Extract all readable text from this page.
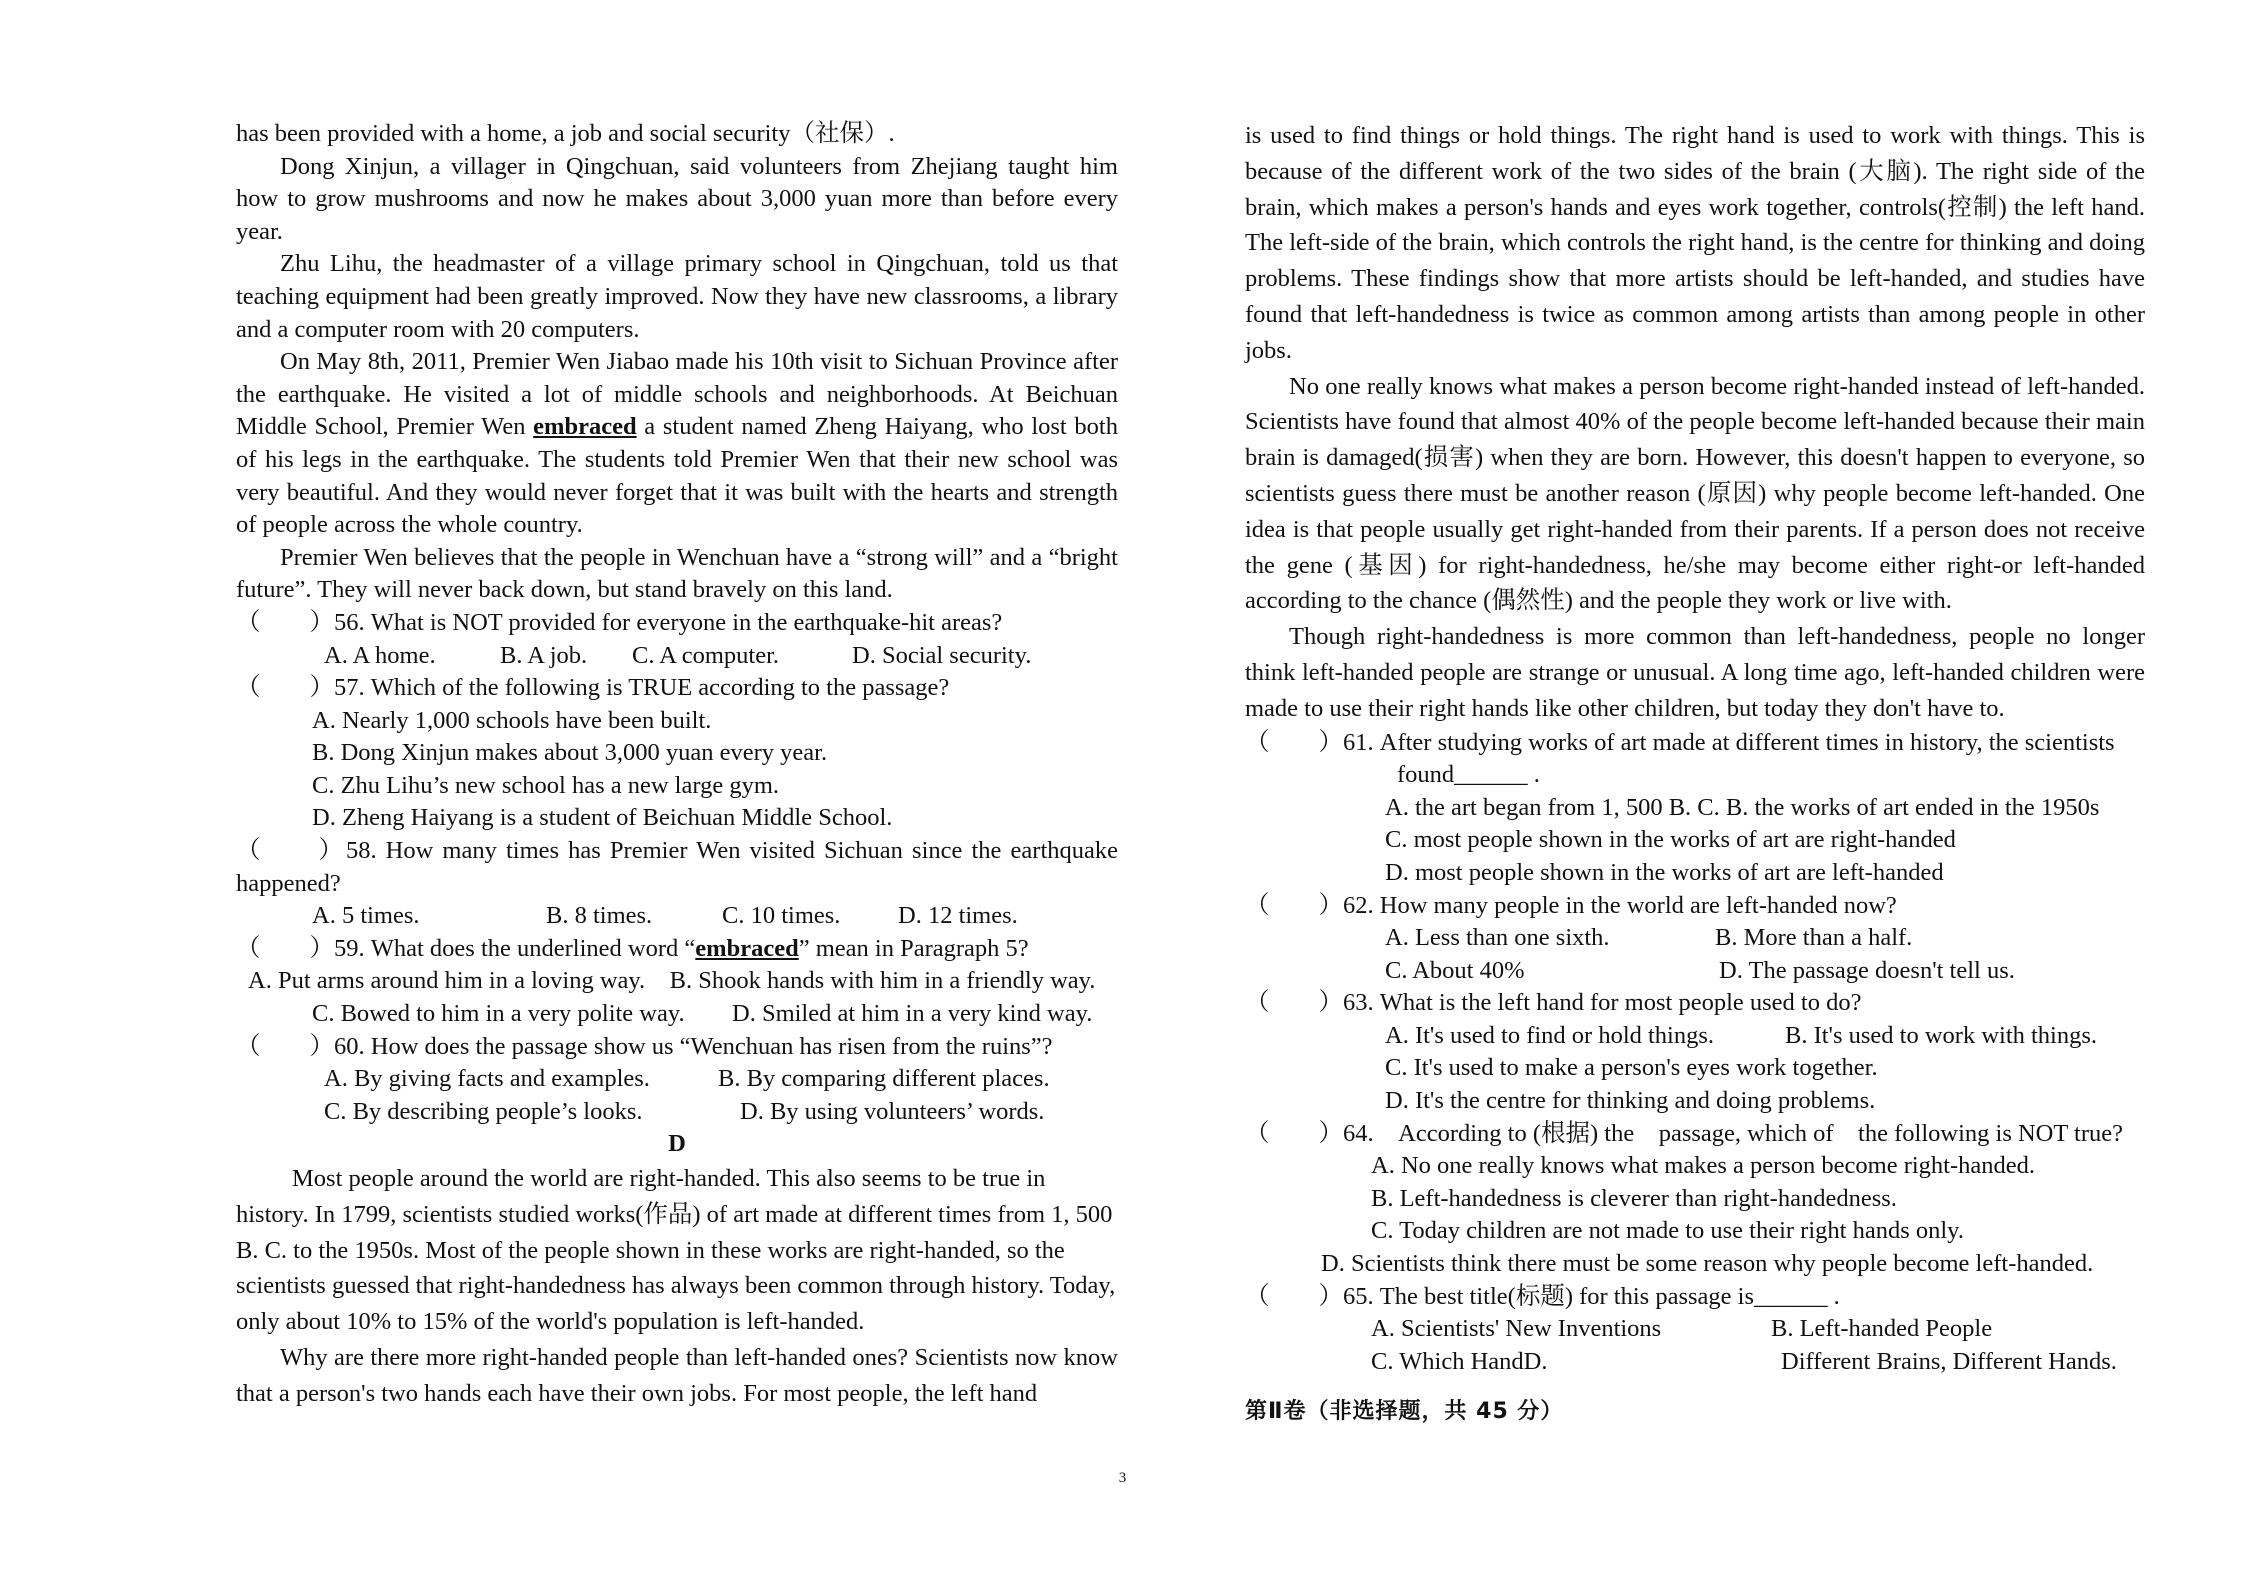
has been provided with a home, a job and social security（社保）.

Dong Xinjun, a villager in Qingchuan, said volunteers from Zhejiang taught him how to grow mushrooms and now he makes about 3,000 yuan more than before every year.

Zhu Lihu, the headmaster of a village primary school in Qingchuan, told us that teaching equipment had been greatly improved. Now they have new classrooms, a library and a computer room with 20 computers.

On May 8th, 2011, Premier Wen Jiabao made his 10th visit to Sichuan Province after the earthquake. He visited a lot of middle schools and neighborhoods. At Beichuan Middle School, Premier Wen embraced a student named Zheng Haiyang, who lost both of his legs in the earthquake. The students told Premier Wen that their new school was very beautiful. And they would never forget that it was built with the hearts and strength of people across the whole country.

Premier Wen believes that the people in Wenchuan have a “strong will” and a “bright future”. They will never back down, but stand bravely on this land.

（　　）56. What is NOT provided for everyone in the earthquake-hit areas?

A. A home.	B. A job.	C. A computer.	D. Social security.

（　　）57. Which of the following is TRUE according to the passage?

A. Nearly 1,000 schools have been built.

B. Dong Xinjun makes about 3,000 yuan every year.

C. Zhu Lihu’s new school has a new large gym.

D. Zheng Haiyang is a student of Beichuan Middle School.

（　　）58. How many times has Premier Wen visited Sichuan since the earthquake happened?

A. 5 times.	B. 8 times.	C. 10 times.	D. 12 times.

（　　）59. What does the underlined word “embraced” mean in Paragraph 5?

A. Put arms around him in a loving way.　B. Shook hands with him in a friendly way.

C. Bowed to him in a very polite way.	D. Smiled at him in a very kind way.

（　　）60. How does the passage show us “Wenchuan has risen from the ruins”?

A. By giving facts and examples.	B. By comparing different places.
C. By describing people’s looks.	D. By using volunteers’ words.

D

Most people around the world are right-handed. This also seems to be true in history. In 1799, scientists studied works(作品) of art made at different times from 1, 500 B. C. to the 1950s. Most of the people shown in these works are right-handed, so the scientists guessed that right-handedness has always been common through history. Today, only about 10% to 15% of the world's population is left-handed.

Why are there more right-handed people than left-handed ones? Scientists now know that a person's two hands each have their own jobs. For most people, the left hand

is used to find things or hold things. The right hand is used to work with things. This is because of the different work of the two sides of the brain (大脑). The right side of the brain, which makes a person's hands and eyes work together, controls(控制) the left hand. The left-side of the brain, which controls the right hand, is the centre for thinking and doing problems. These findings show that more artists should be left-handed, and studies have found that left-handedness is twice as common among artists than among people in other jobs.

No one really knows what makes a person become right-handed instead of left-handed. Scientists have found that almost 40% of the people become left-handed because their main brain is damaged(损害) when they are born. However, this doesn't happen to everyone, so scientists guess there must be another reason (原因) why people become left-handed. One idea is that people usually get right-handed from their parents. If a person does not receive the gene (基因) for right-handedness, he/she may become either right-or left-handed according to the chance (偶然性) and the people they work or live with.

Though right-handedness is more common than left-handedness, people no longer think left-handed people are strange or unusual. A long time ago, left-handed children were made to use their right hands like other children, but today they don't have to.

（　　）61. After studying works of art made at different times in history, the scientists

found______ .

A. the art began from 1, 500 B. C. B. the works of art ended in the 1950s

C. most people shown in the works of art are right-handed

D. most people shown in the works of art are left-handed

（　　）62. How many people in the world are left-handed now?

A. Less than one sixth.	B. More than a half.
C. About 40%	D. The passage doesn't tell us.

（　　）63. What is the left hand for most people used to do?

A. It's used to find or hold things.	B. It's used to work with things.

C. It's used to make a person's eyes work together.

D. It's the centre for thinking and doing problems.

（　　）64.　According to (根据) the　passage, which of　the following is NOT true?

A. No one really knows what makes a person become right-handed.

B. Left-handedness is cleverer than right-handedness.

C. Today children are not made to use their right hands only.

D. Scientists think there must be some reason why people become left-handed.

（　　）65. The best title(标题) for this passage is______ .

A. Scientists' New Inventions	B. Left-handed People
C. Which HandD.	Different Brains, Different Hands.

第Ⅱ卷（非选择题，共 45 分）

3
